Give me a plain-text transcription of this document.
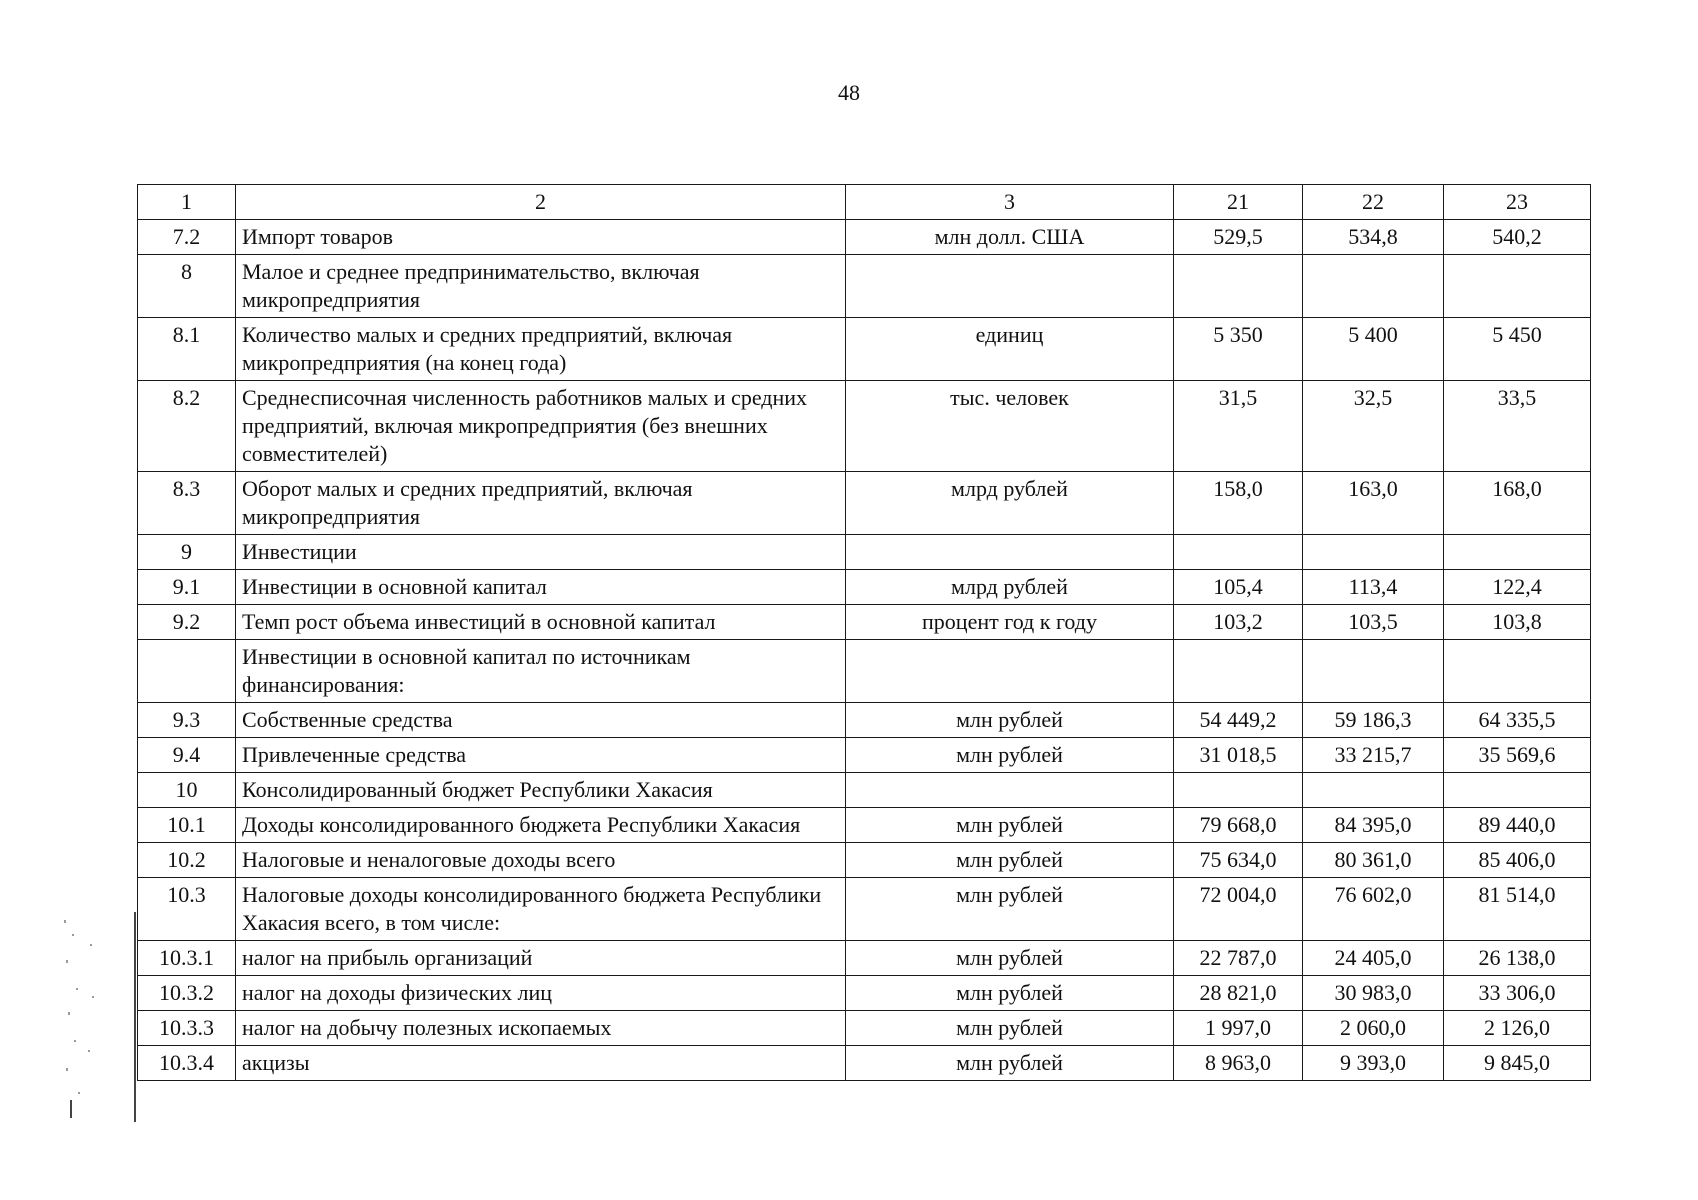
48
1	2	3	21	22	23
7.2	Импорт товаров	млн долл. США	529,5	534,8	540,2
8	Малое и среднее предпринимательство, включая микропредприятия				
8.1	Количество малых и средних предприятий, включая микропредприятия (на конец года)	единиц	5 350	5 400	5 450
8.2	Среднесписочная численность работников малых и средних предприятий, включая микропредприятия (без внешних совместителей)	тыс. человек	31,5	32,5	33,5
8.3	Оборот малых и средних предприятий, включая микропредприятия	млрд рублей	158,0	163,0	168,0
9	Инвестиции				
9.1	Инвестиции в основной капитал	млрд рублей	105,4	113,4	122,4
9.2	Темп рост объема инвестиций в основной капитал	процент год к году	103,2	103,5	103,8
	Инвестиции в основной капитал по источникам финансирования:				
9.3	Собственные средства	млн рублей	54 449,2	59 186,3	64 335,5
9.4	Привлеченные средства	млн рублей	31 018,5	33 215,7	35 569,6
10	Консолидированный бюджет Республики Хакасия				
10.1	Доходы консолидированного бюджета Республики Хакасия	млн рублей	79 668,0	84 395,0	89 440,0
10.2	Налоговые и неналоговые доходы всего	млн рублей	75 634,0	80 361,0	85 406,0
10.3	Налоговые доходы консолидированного бюджета Республики Хакасия всего, в том числе:	млн рублей	72 004,0	76 602,0	81 514,0
10.3.1	налог на прибыль организаций	млн рублей	22 787,0	24 405,0	26 138,0
10.3.2	налог на доходы физических лиц	млн рублей	28 821,0	30 983,0	33 306,0
10.3.3	налог на добычу полезных ископаемых	млн рублей	1 997,0	2 060,0	2 126,0
10.3.4	акцизы	млн рублей	8 963,0	9 393,0	9 845,0
